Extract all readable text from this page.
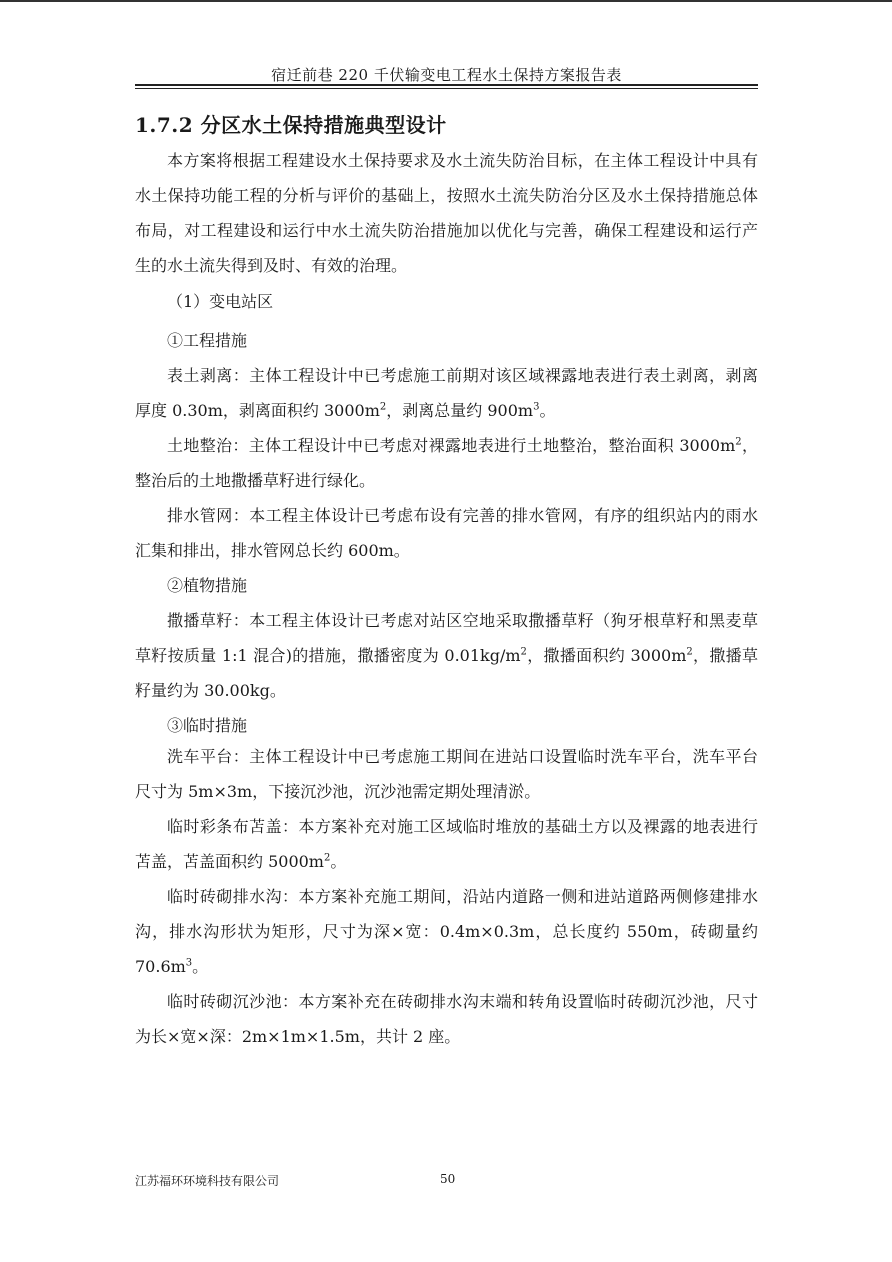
宿迁前巷 220 千伏输变电工程水土保持方案报告表
1.7.2 分区水土保持措施典型设计

本方案将根据工程建设水土保持要求及水土流失防治目标，在主体工程设计中具有水土保持功能工程的分析与评价的基础上，按照水土流失防治分区及水土保持措施总体布局，对工程建设和运行中水土流失防治措施加以优化与完善，确保工程建设和运行产生的水土流失得到及时、有效的治理。

（1）变电站区

①工程措施

表土剥离：主体工程设计中已考虑施工前期对该区域裸露地表进行表土剥离，剥离厚度 0.30m，剥离面积约 $3000m^2$，剥离总量约 $900m^3$。

土地整治：主体工程设计中已考虑对裸露地表进行土地整治，整治面积 $3000m^2$，整治后的土地撒播草籽进行绿化。

排水管网：本工程主体设计已考虑布设有完善的排水管网，有序的组织站内的雨水汇集和排出，排水管网总长约 600m。

②植物措施

撒播草籽：本工程主体设计已考虑对站区空地采取撒播草籽（狗牙根草籽和黑麦草草籽按质量 1:1 混合)的措施，撒播密度为 $0.01kg/m^2$，撒播面积约 $3000m^2$，撒播草籽量约为 30.00kg。

③临时措施

洗车平台：主体工程设计中已考虑施工期间在进站口设置临时洗车平台，洗车平台尺寸为 5m×3m，下接沉沙池，沉沙池需定期处理清淤。

临时彩条布苫盖：本方案补充对施工区域临时堆放的基础土方以及裸露的地表进行苫盖，苫盖面积约 $5000m^2$。

临时砖砌排水沟：本方案补充施工期间，沿站内道路一侧和进站道路两侧修建排水沟，排水沟形状为矩形，尺寸为深×宽：0.4m×0.3m，总长度约 550m，砖砌量约 $70.6m^3$。

临时砖砌沉沙池：本方案补充在砖砌排水沟末端和转角设置临时砖砌沉沙池，尺寸为长×宽×深：2m×1m×1.5m，共计 2 座。

江苏福环环境科技有限公司	50
